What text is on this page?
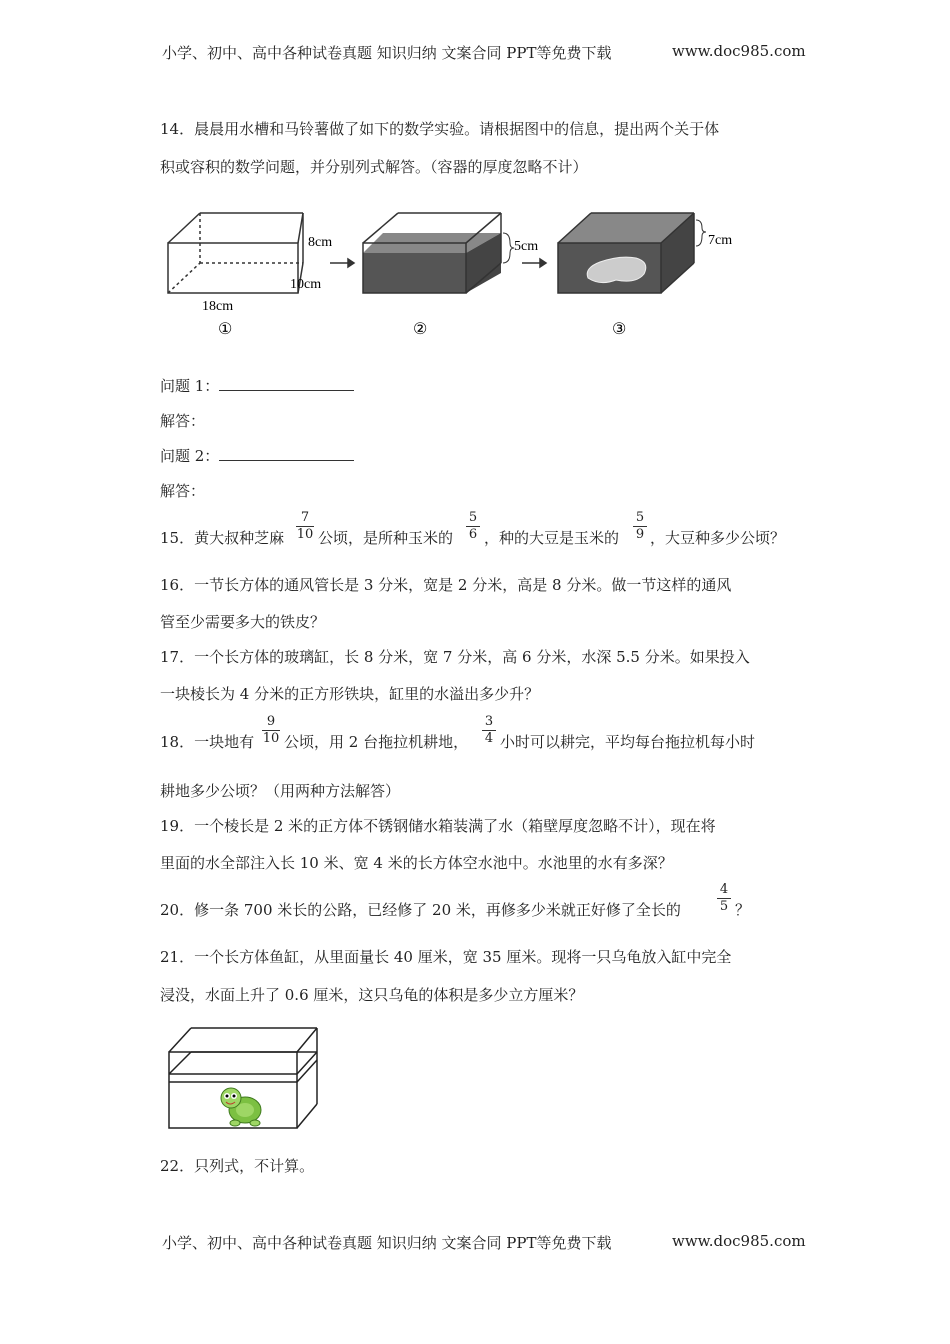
小学、初中、高中各种试卷真题 知识归纳 文案合同 PPT等免费下载	www.doc985.com
14．晨晨用水槽和马铃薯做了如下的数学实验。请根据图中的信息，提出两个关于体
积或容积的数学问题，并分别列式解答。（容器的厚度忽略不计）
8cm
10cm
18cm
①
5cm
②
7cm
③
问题 1：
解答：
问题 2：
解答：
15．黄大叔种芝麻 $\frac{7}{10}$ 公顷，是所种玉米的 $\frac{5}{6}$ ，种的大豆是玉米的 $\frac{5}{9}$ ，大豆种多少公顷？
16．一节长方体的通风管长是 3 分米，宽是 2 分米，高是 8 分米。做一节这样的通风
管至少需要多大的铁皮？
17．一个长方体的玻璃缸，长 8 分米，宽 7 分米，高 6 分米，水深 5.5 分米。如果投入
一块棱长为 4 分米的正方形铁块，缸里的水溢出多少升？
18．一块地有 $\frac{9}{10}$ 公顷，用 2 台拖拉机耕地， $\frac{3}{4}$ 小时可以耕完，平均每台拖拉机每小时
耕地多少公顷？（用两种方法解答）
19．一个棱长是 2 米的正方体不锈钢储水箱装满了水（箱壁厚度忽略不计），现在将
里面的水全部注入长 10 米、宽 4 米的长方体空水池中。水池里的水有多深？
20．修一条 700 米长的公路，已经修了 20 米，再修多少米就正好修了全长的	$\frac{4}{5}$ ？
21．一个长方体鱼缸，从里面量长 40 厘米，宽 35 厘米。现将一只乌龟放入缸中完全
浸没，水面上升了 0.6 厘米，这只乌龟的体积是多少立方厘米？
22．只列式，不计算。
小学、初中、高中各种试卷真题 知识归纳 文案合同 PPT等免费下载	www.doc985.com
